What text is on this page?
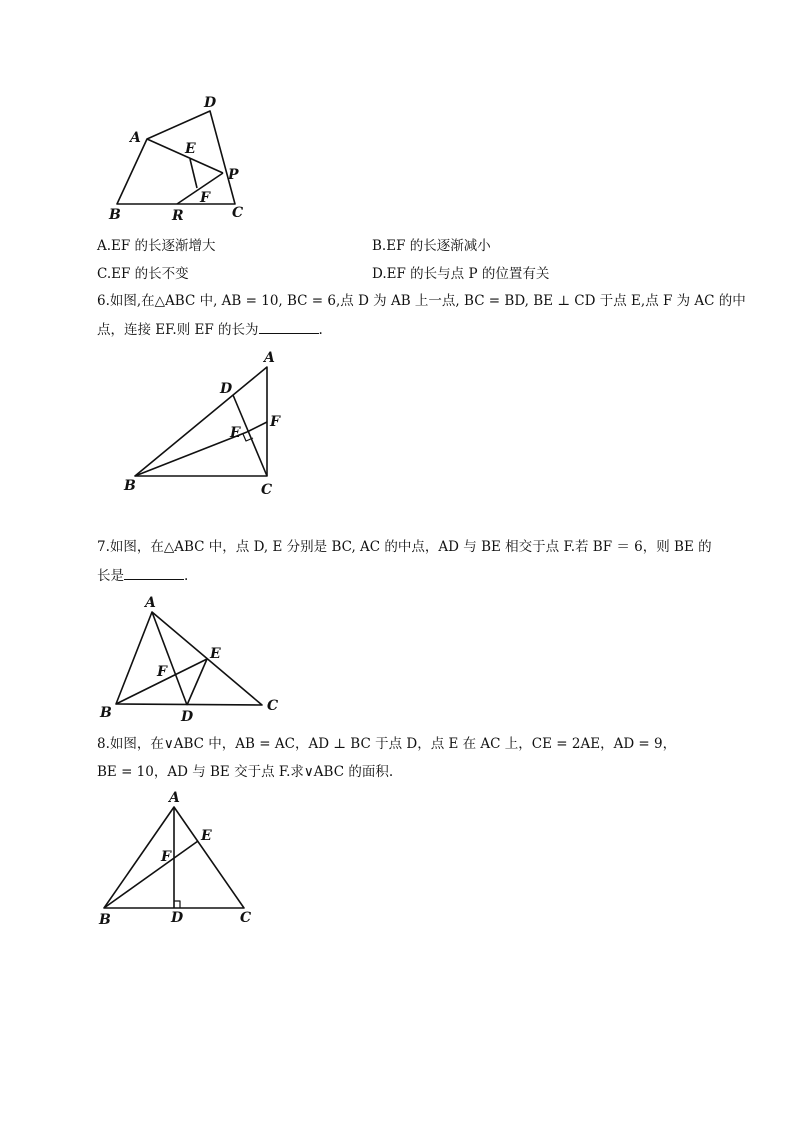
A
D
E
P
F
B	R	C
A.EF 的长逐渐增大	B.EF 的长逐渐减小
C.EF 的长不变	D.EF 的长与点 P 的位置有关
6.如图,在△ABC 中, AB = 10, BC = 6,点 D 为 AB 上一点, BC = BD, BE ⊥ CD 于点 E,点 F 为 AC 的中
点，连接 EF.则 EF 的长为	.
A
D
F
E
B	C
7.如图，在△ABC 中，点 D, E 分别是 BC, AC 的中点，AD 与 BE 相交于点 F.若 BF ＝ 6，则 BE 的
长是	.
A
E
F
B	D
C
8.如图，在∨ABC 中，AB = AC，AD ⊥ BC 于点 D，点 E 在 AC 上，CE = 2AE，AD = 9，
BE = 10，AD 与 BE 交于点 F.求∨ABC 的面积.
A
E
F
B	D	C
